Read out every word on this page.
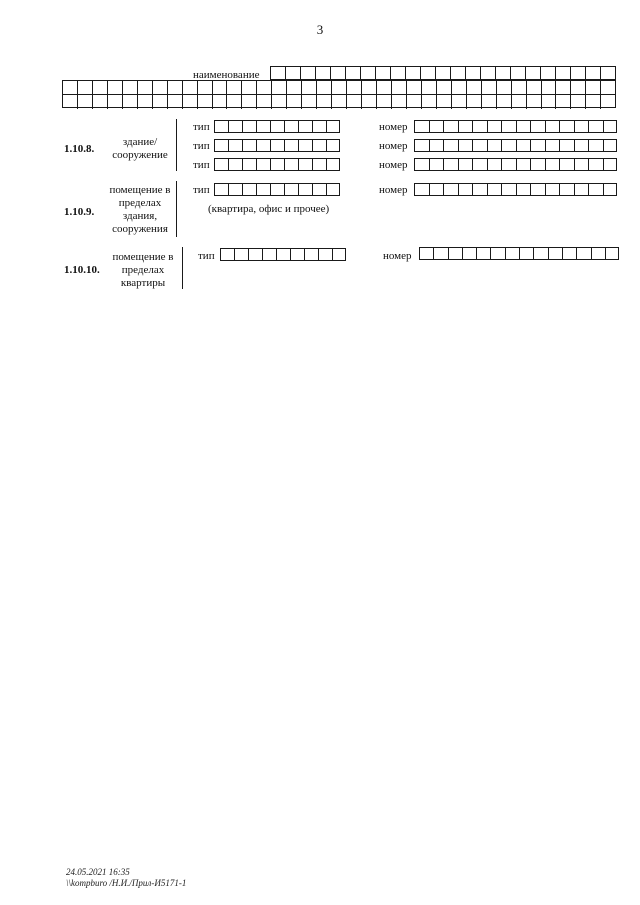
3
наименование
1.10.8.
здание/
сооружение
тип	номер
тип	номер
тип	номер
1.10.9.
помещение в
пределах
здания,
сооружения
тип	номер
(квартира, офис и прочее)
1.10.10.
помещение в
пределах
квартиры
тип	номер
24.05.2021 16:35
\\kompburo /Н.И./Прил-И5171-1
